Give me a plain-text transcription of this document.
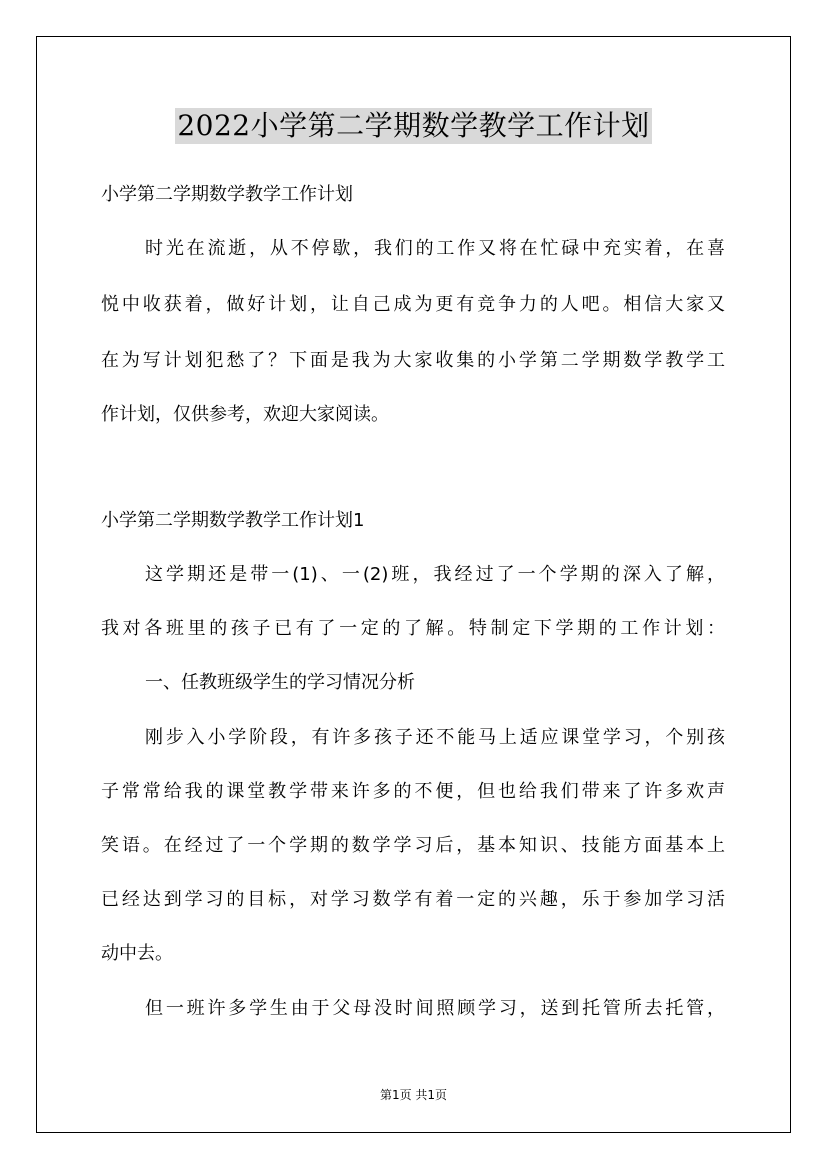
2022小学第二学期数学教学工作计划
小学第二学期数学教学工作计划
时光在流逝，从不停歇，我们的工作又将在忙碌中充实着，在喜
悦中收获着，做好计划，让自己成为更有竞争力的人吧。相信大家又
在为写计划犯愁了？下面是我为大家收集的小学第二学期数学教学工
作计划，仅供参考，欢迎大家阅读。
小学第二学期数学教学工作计划1
这学期还是带一(1)、一(2)班，我经过了一个学期的深入了解，
我对各班里的孩子已有了一定的了解。特制定下学期的工作计划：
一、任教班级学生的学习情况分析
刚步入小学阶段，有许多孩子还不能马上适应课堂学习，个别孩
子常常给我的课堂教学带来许多的不便，但也给我们带来了许多欢声
笑语。在经过了一个学期的数学学习后，基本知识、技能方面基本上
已经达到学习的目标，对学习数学有着一定的兴趣，乐于参加学习活
动中去。
但一班许多学生由于父母没时间照顾学习，送到托管所去托管，
第1页 共1页
